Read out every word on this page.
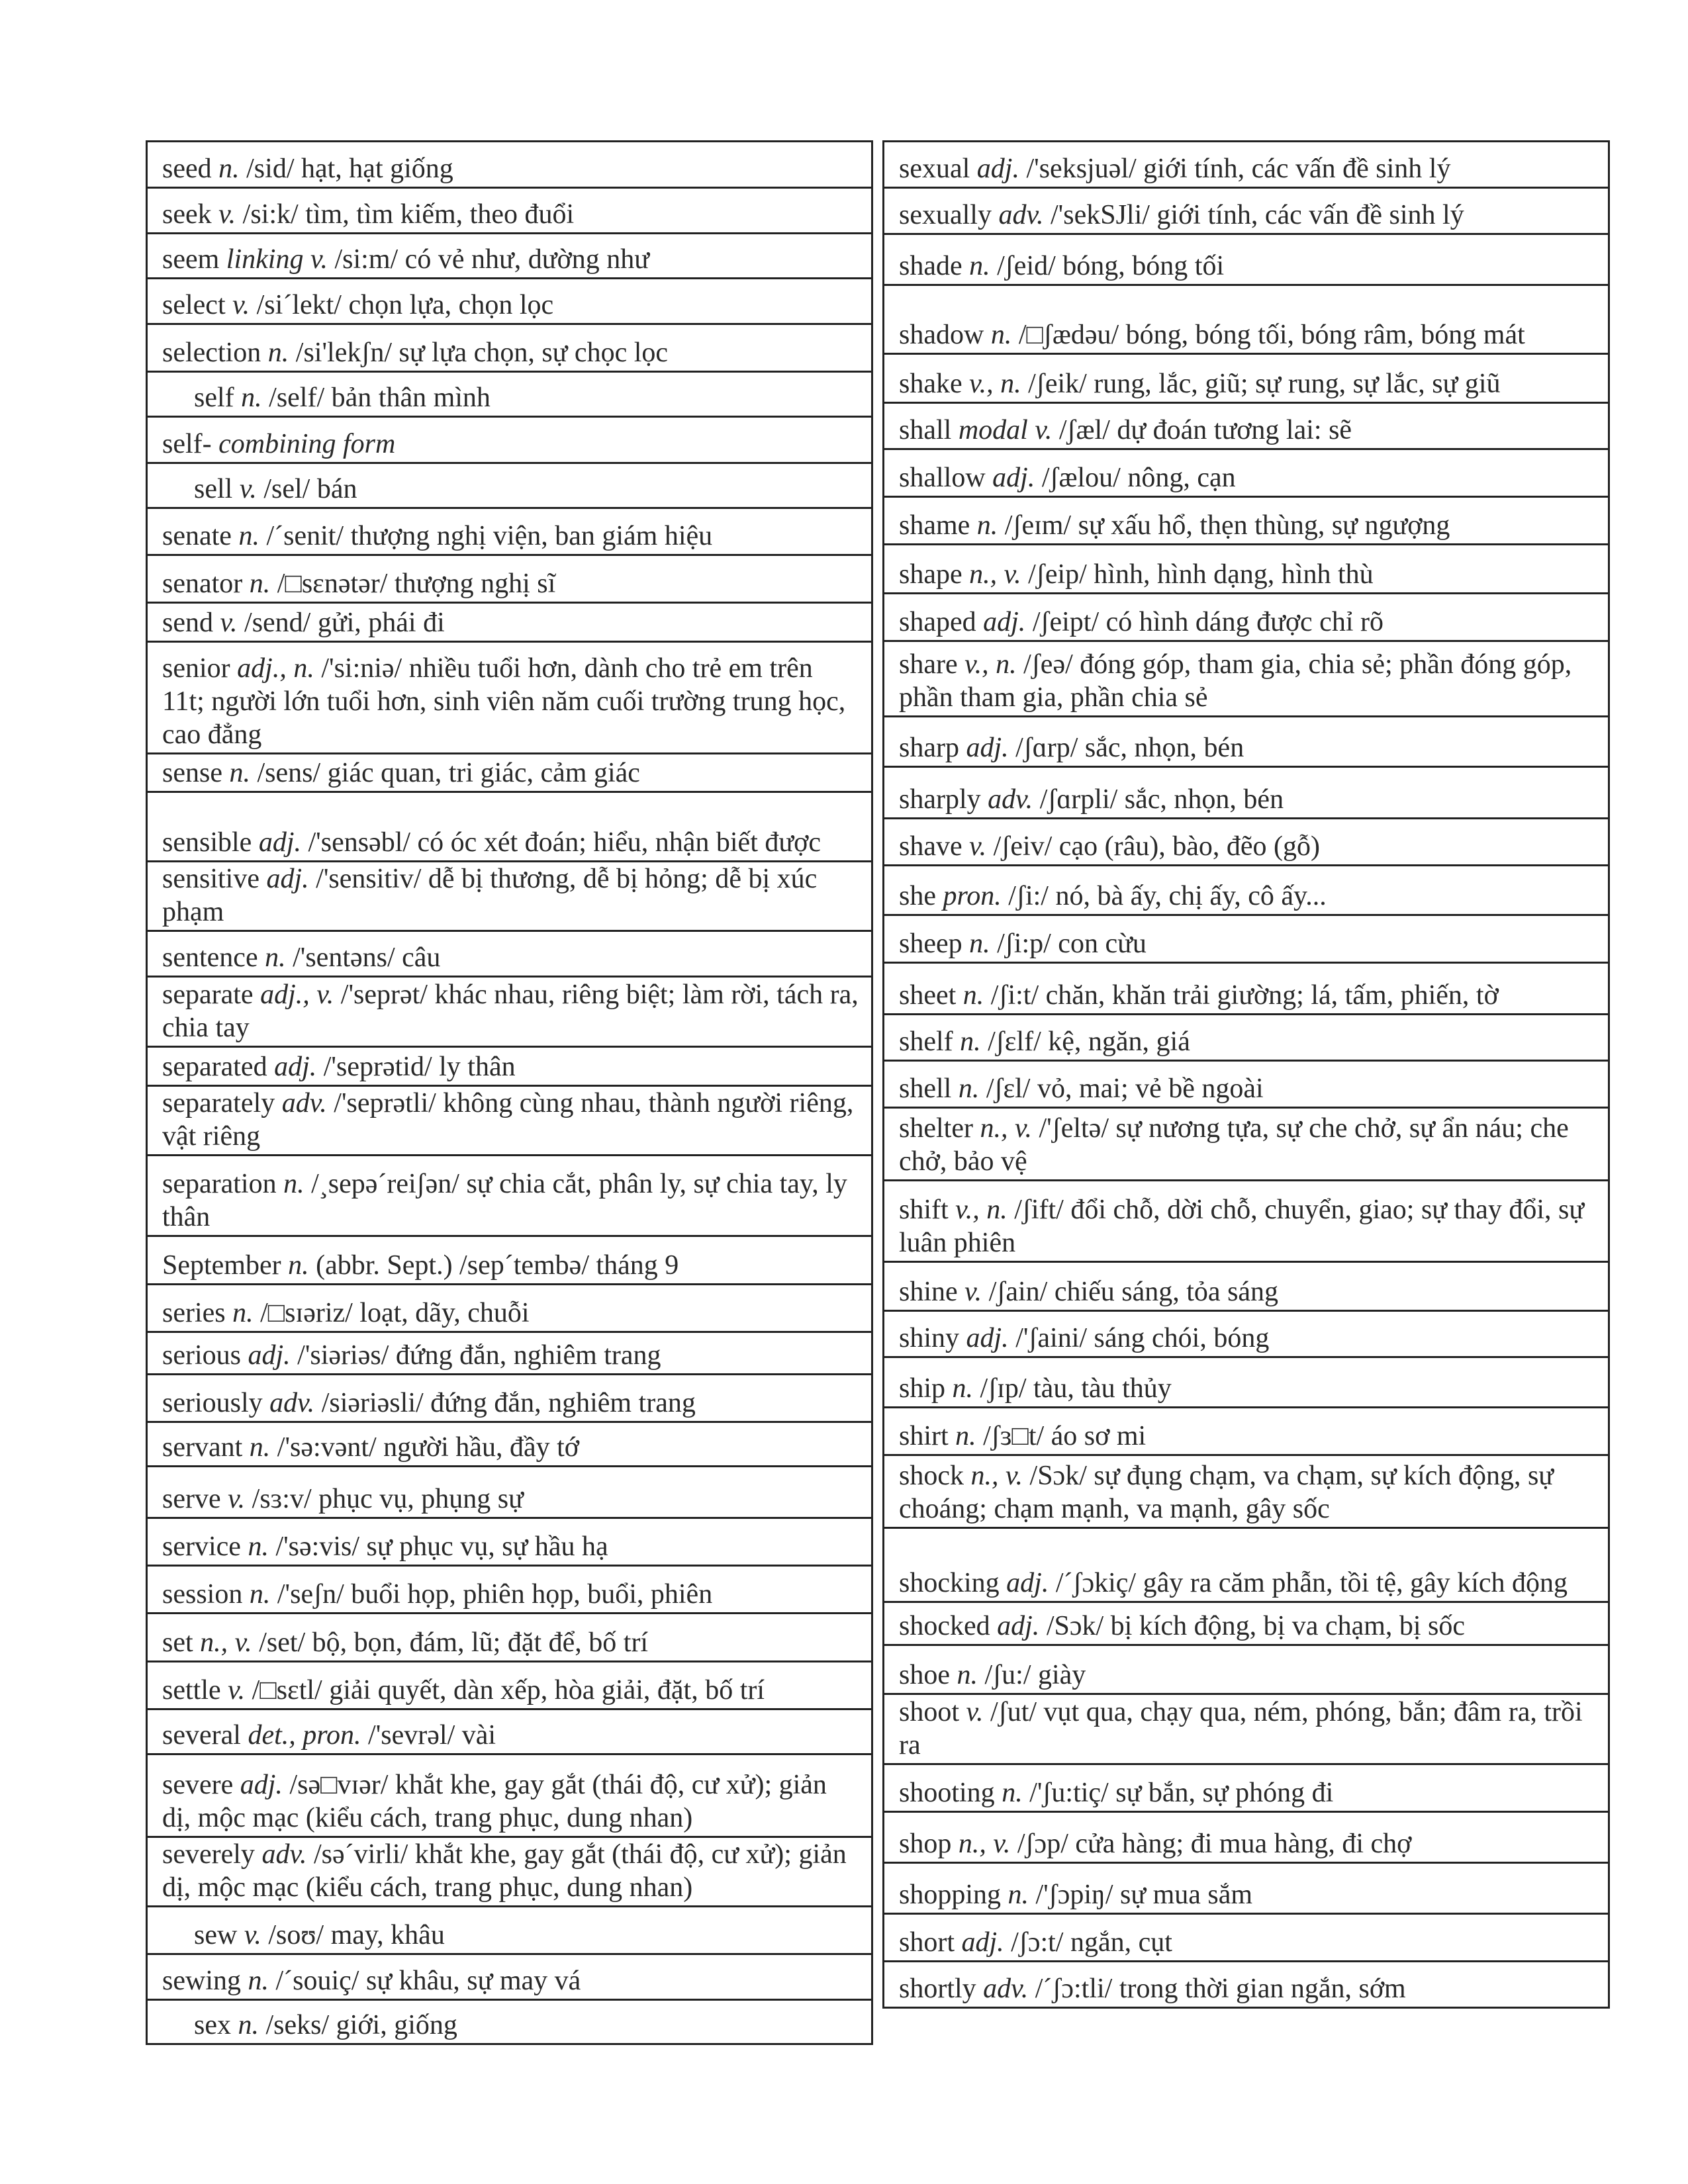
seed n. /sid/ hạt, hạt giống
seek v. /si:k/ tìm, tìm kiếm, theo đuổi
seem linking v. /si:m/ có vẻ như, dường như
select v. /si´lekt/ chọn lựa, chọn lọc
selection n. /si'lekʃn/ sự lựa chọn, sự chọc lọc
self n. /self/ bản thân mình
self- combining form
sell v. /sel/ bán
senate n. /´senit/ thượng nghị viện, ban giám hiệu
senator n. /□sɛnətər/ thượng nghị sĩ
send v. /send/ gửi, phái đi
senior adj., n. /'si:niə/ nhiều tuổi hơn, dành cho trẻ em trên 11t; người lớn tuổi hơn, sinh viên năm cuối trường trung học, cao đẳng
sense n. /sens/ giác quan, tri giác, cảm giác
sensible adj. /'sensəbl/ có óc xét đoán; hiểu, nhận biết được
sensitive adj. /'sensitiv/ dễ bị thương, dễ bị hỏng; dễ bị xúc phạm
sentence n. /'sentəns/ câu
separate adj., v. /'seprət/ khác nhau, riêng biệt; làm rời, tách ra, chia tay
separated adj. /'seprətid/ ly thân
separately adv. /'seprətli/ không cùng nhau, thành người riêng, vật riêng
separation n. /¸sepə´reiʃən/ sự chia cắt, phân ly, sự chia tay, ly thân
September n. (abbr. Sept.) /sep´tembə/ tháng 9
series n. /□sɪəriz/ loạt, dãy, chuỗi
serious adj. /'siəriəs/ đứng đắn, nghiêm trang
seriously adv. /siəriəsli/ đứng đắn, nghiêm trang
servant n. /'sə:vənt/ người hầu, đầy tớ
serve v. /sɜ:v/ phục vụ, phụng sự
service n. /'sə:vis/ sự phục vụ, sự hầu hạ
session n. /'seʃn/ buổi họp, phiên họp, buổi, phiên
set n., v. /set/ bộ, bọn, đám, lũ; đặt để, bố trí
settle v. /□sɛtl/ giải quyết, dàn xếp, hòa giải, đặt, bố trí
several det., pron. /'sevrəl/ vài
severe adj. /sə□vɪər/ khắt khe, gay gắt (thái độ, cư xử); giản dị, mộc mạc (kiểu cách, trang phục, dung nhan)
severely adv. /sə´virli/ khắt khe, gay gắt (thái độ, cư xử); giản dị, mộc mạc (kiểu cách, trang phục, dung nhan)
sew v. /soʊ/ may, khâu
sewing n. /´souiç/ sự khâu, sự may vá
sex n. /seks/ giới, giống
sexual adj. /'seksjuəl/ giới tính, các vấn đề sinh lý
sexually adv. /'sekSJli/ giới tính, các vấn đề sinh lý
shade n. /ʃeid/ bóng, bóng tối
shadow n. /□ʃædəu/ bóng, bóng tối, bóng râm, bóng mát
shake v., n. /ʃeik/ rung, lắc, giũ; sự rung, sự lắc, sự giũ
shall modal v. /ʃæl/ dự đoán tương lai: sẽ
shallow adj. /ʃælou/ nông, cạn
shame n. /ʃeɪm/ sự xấu hổ, thẹn thùng, sự ngượng
shape n., v. /ʃeip/ hình, hình dạng, hình thù
shaped adj. /ʃeipt/ có hình dáng được chỉ rõ
share v., n. /ʃeə/ đóng góp, tham gia, chia sẻ; phần đóng góp, phần tham gia, phần chia sẻ
sharp adj. /ʃɑrp/ sắc, nhọn, bén
sharply adv. /ʃɑrpli/ sắc, nhọn, bén
shave v. /ʃeiv/ cạo (râu), bào, đẽo (gỗ)
she pron. /ʃi:/ nó, bà ấy, chị ấy, cô ấy...
sheep n. /ʃi:p/ con cừu
sheet n. /ʃi:t/ chăn, khăn trải giường; lá, tấm, phiến, tờ
shelf n. /ʃɛlf/ kệ, ngăn, giá
shell n. /ʃɛl/ vỏ, mai; vẻ bề ngoài
shelter n., v. /'ʃeltə/ sự nương tựa, sự che chở, sự ẩn náu; che chở, bảo vệ
shift v., n. /ʃift/ đổi chỗ, dời chỗ, chuyển, giao; sự thay đổi, sự luân phiên
shine v. /ʃain/ chiếu sáng, tỏa sáng
shiny adj. /'ʃaini/ sáng chói, bóng
ship n. /ʃɪp/ tàu, tàu thủy
shirt n. /ʃɜ□t/ áo sơ mi
shock n., v. /Sɔk/ sự đụng chạm, va chạm, sự kích động, sự choáng; chạm mạnh, va mạnh, gây sốc
shocking adj. /´ʃɔkiç/ gây ra căm phẫn, tồi tệ, gây kích động
shocked adj. /Sɔk/ bị kích động, bị va chạm, bị sốc
shoe n. /ʃu:/ giày
shoot v. /ʃut/ vụt qua, chạy qua, ném, phóng, bắn; đâm ra, trồi ra
shooting n. /'ʃu:tiç/ sự bắn, sự phóng đi
shop n., v. /ʃɔp/ cửa hàng; đi mua hàng, đi chợ
shopping n. /'ʃɔpiŋ/ sự mua sắm
short adj. /ʃɔ:t/ ngắn, cụt
shortly adv. /´ʃɔ:tli/ trong thời gian ngắn, sớm
